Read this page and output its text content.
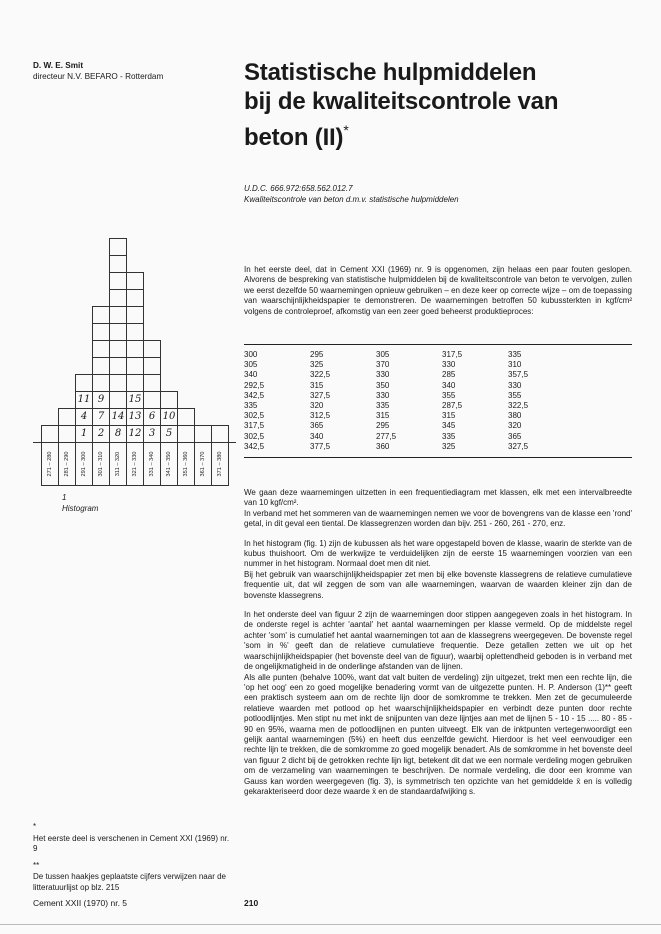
D. W. E. Smit
directeur N.V. BEFARO - Rotterdam	Statistische hulpmiddelen
bij de kwaliteitscontrole van
beton (II)*
U.D.C. 666.972:658.562.012.7
Kwaliteitscontrole van beton d.m.v. statistische hulpmiddelen

In het eerste deel, dat in Cement XXI (1969) nr. 9 is opgenomen, zijn helaas een paar fouten geslopen. Alvorens de bespreking van statistische hulpmiddelen bij de kwaliteitscontrole van beton te vervolgen, zullen we eerst dezelfde 50 waarnemingen opnieuw gebruiken – en deze keer op correcte wijze – om de toepassing van waarschijnlijkheidspapier te demonstreren. De waarnemingen betroffen 50 kubussterkten in kgf/cm² volgens de controleproef, afkomstig van een zeer goed beheerst produktieproces:

300	295	305	317,5	335
305	325	370	330	310
340	322,5	330	285	357,5
292,5	315	350	340	330
342,5	327,5	330	355	355
335	320	335	287,5	322,5
302,5	312,5	315	315	380
317,5	365	295	345	320
302,5	340	277,5	335	365
342,5	377,5	360	325	327,5
1	2	8 12 3	5
4	7 14 13 6 10
11 9	15
271 – 280 281 – 290 291 – 300 301 – 310 311 – 320 321 – 330 331 – 340 341 – 350 351 – 360 361 – 370 371 – 380
1
Histogram

We gaan deze waarnemingen uitzetten in een frequentiediagram met klassen, elk met een intervalbreedte van 10 kgf/cm².

In verband met het sommeren van de waarnemingen nemen we voor de bovengrens van de klasse een 'rond' getal, in dit geval een tiental. De klassegrenzen worden dan bijv. 251 - 260, 261 - 270, enz.

In het histogram (fig. 1) zijn de kubussen als het ware opgestapeld boven de klasse, waarin de sterkte van de kubus thuishoort. Om de werkwijze te verduidelijken zijn de eerste 15 waarnemingen voorzien van een nummer in het histogram. Normaal doet men dit niet.

Bij het gebruik van waarschijnlijkheidspapier zet men bij elke bovenste klassegrens de relatieve cumulatieve frequentie uit, dat wil zeggen de som van alle waarnemingen, waarvan de waarden kleiner zijn dan de bovenste klassegrens.

In het onderste deel van figuur 2 zijn de waarnemingen door stippen aangegeven zoals in het histogram. In de onderste regel is achter 'aantal' het aantal waarnemingen per klasse vermeld. Op de middelste regel achter 'som' is cumulatief het aantal waarnemingen tot aan de klassegrens weergegeven. De bovenste regel 'som in %' geeft dan de relatieve cumulatieve frequentie. Deze getallen zetten we uit op het waarschijnlijkheidspapier (het bovenste deel van de figuur), waarbij oplettendheid geboden is in verband met de ongelijkmatigheid in de onderlinge afstanden van de lijnen.

Als alle punten (behalve 100%, want dat valt buiten de verdeling) zijn uitgezet, trekt men een rechte lijn, die 'op het oog' een zo goed mogelijke benadering vormt van de uitgezette punten. H. P. Anderson (1)** geeft een praktisch systeem aan om de rechte lijn door de somkromme te trekken. Men zet de gecumuleerde relatieve waarden met potlood op het waarschijnlijkheidspapier en verbindt deze punten door rechte potloodlijntjes. Men stipt nu met inkt de snijpunten van deze lijntjes aan met de lijnen 5 - 10 - 15 ..... 80 - 85 - 90 en 95%, waarna men de potloodlijnen en punten uitveegt. Elk van de inktpunten vertegenwoordigt een gelijk aantal waarnemingen (5%) en heeft dus eenzelfde gewicht. Hierdoor is het veel eenvoudiger een rechte lijn te trekken, die de somkromme zo goed mogelijk benadert. Als de somkromme in het bovenste deel van figuur 2 dicht bij de getrokken rechte lijn ligt, betekent dit dat we een normale verdeling mogen gebruiken om de verzameling van waarnemingen te beschrijven. De normale verdeling, die door een kromme van Gauss kan worden weergegeven (fig. 3), is symmetrisch ten opzichte van het gemiddelde x̄ en is volledig gekarakteriseerd door deze waarde x̄ en de standaardafwijking s.

*

Het eerste deel is verschenen in Cement XXI (1969) nr. 9

**

De tussen haakjes geplaatste cijfers verwijzen naar de litteratuurlijst op blz. 215

Cement XXII (1970) nr. 5	210
